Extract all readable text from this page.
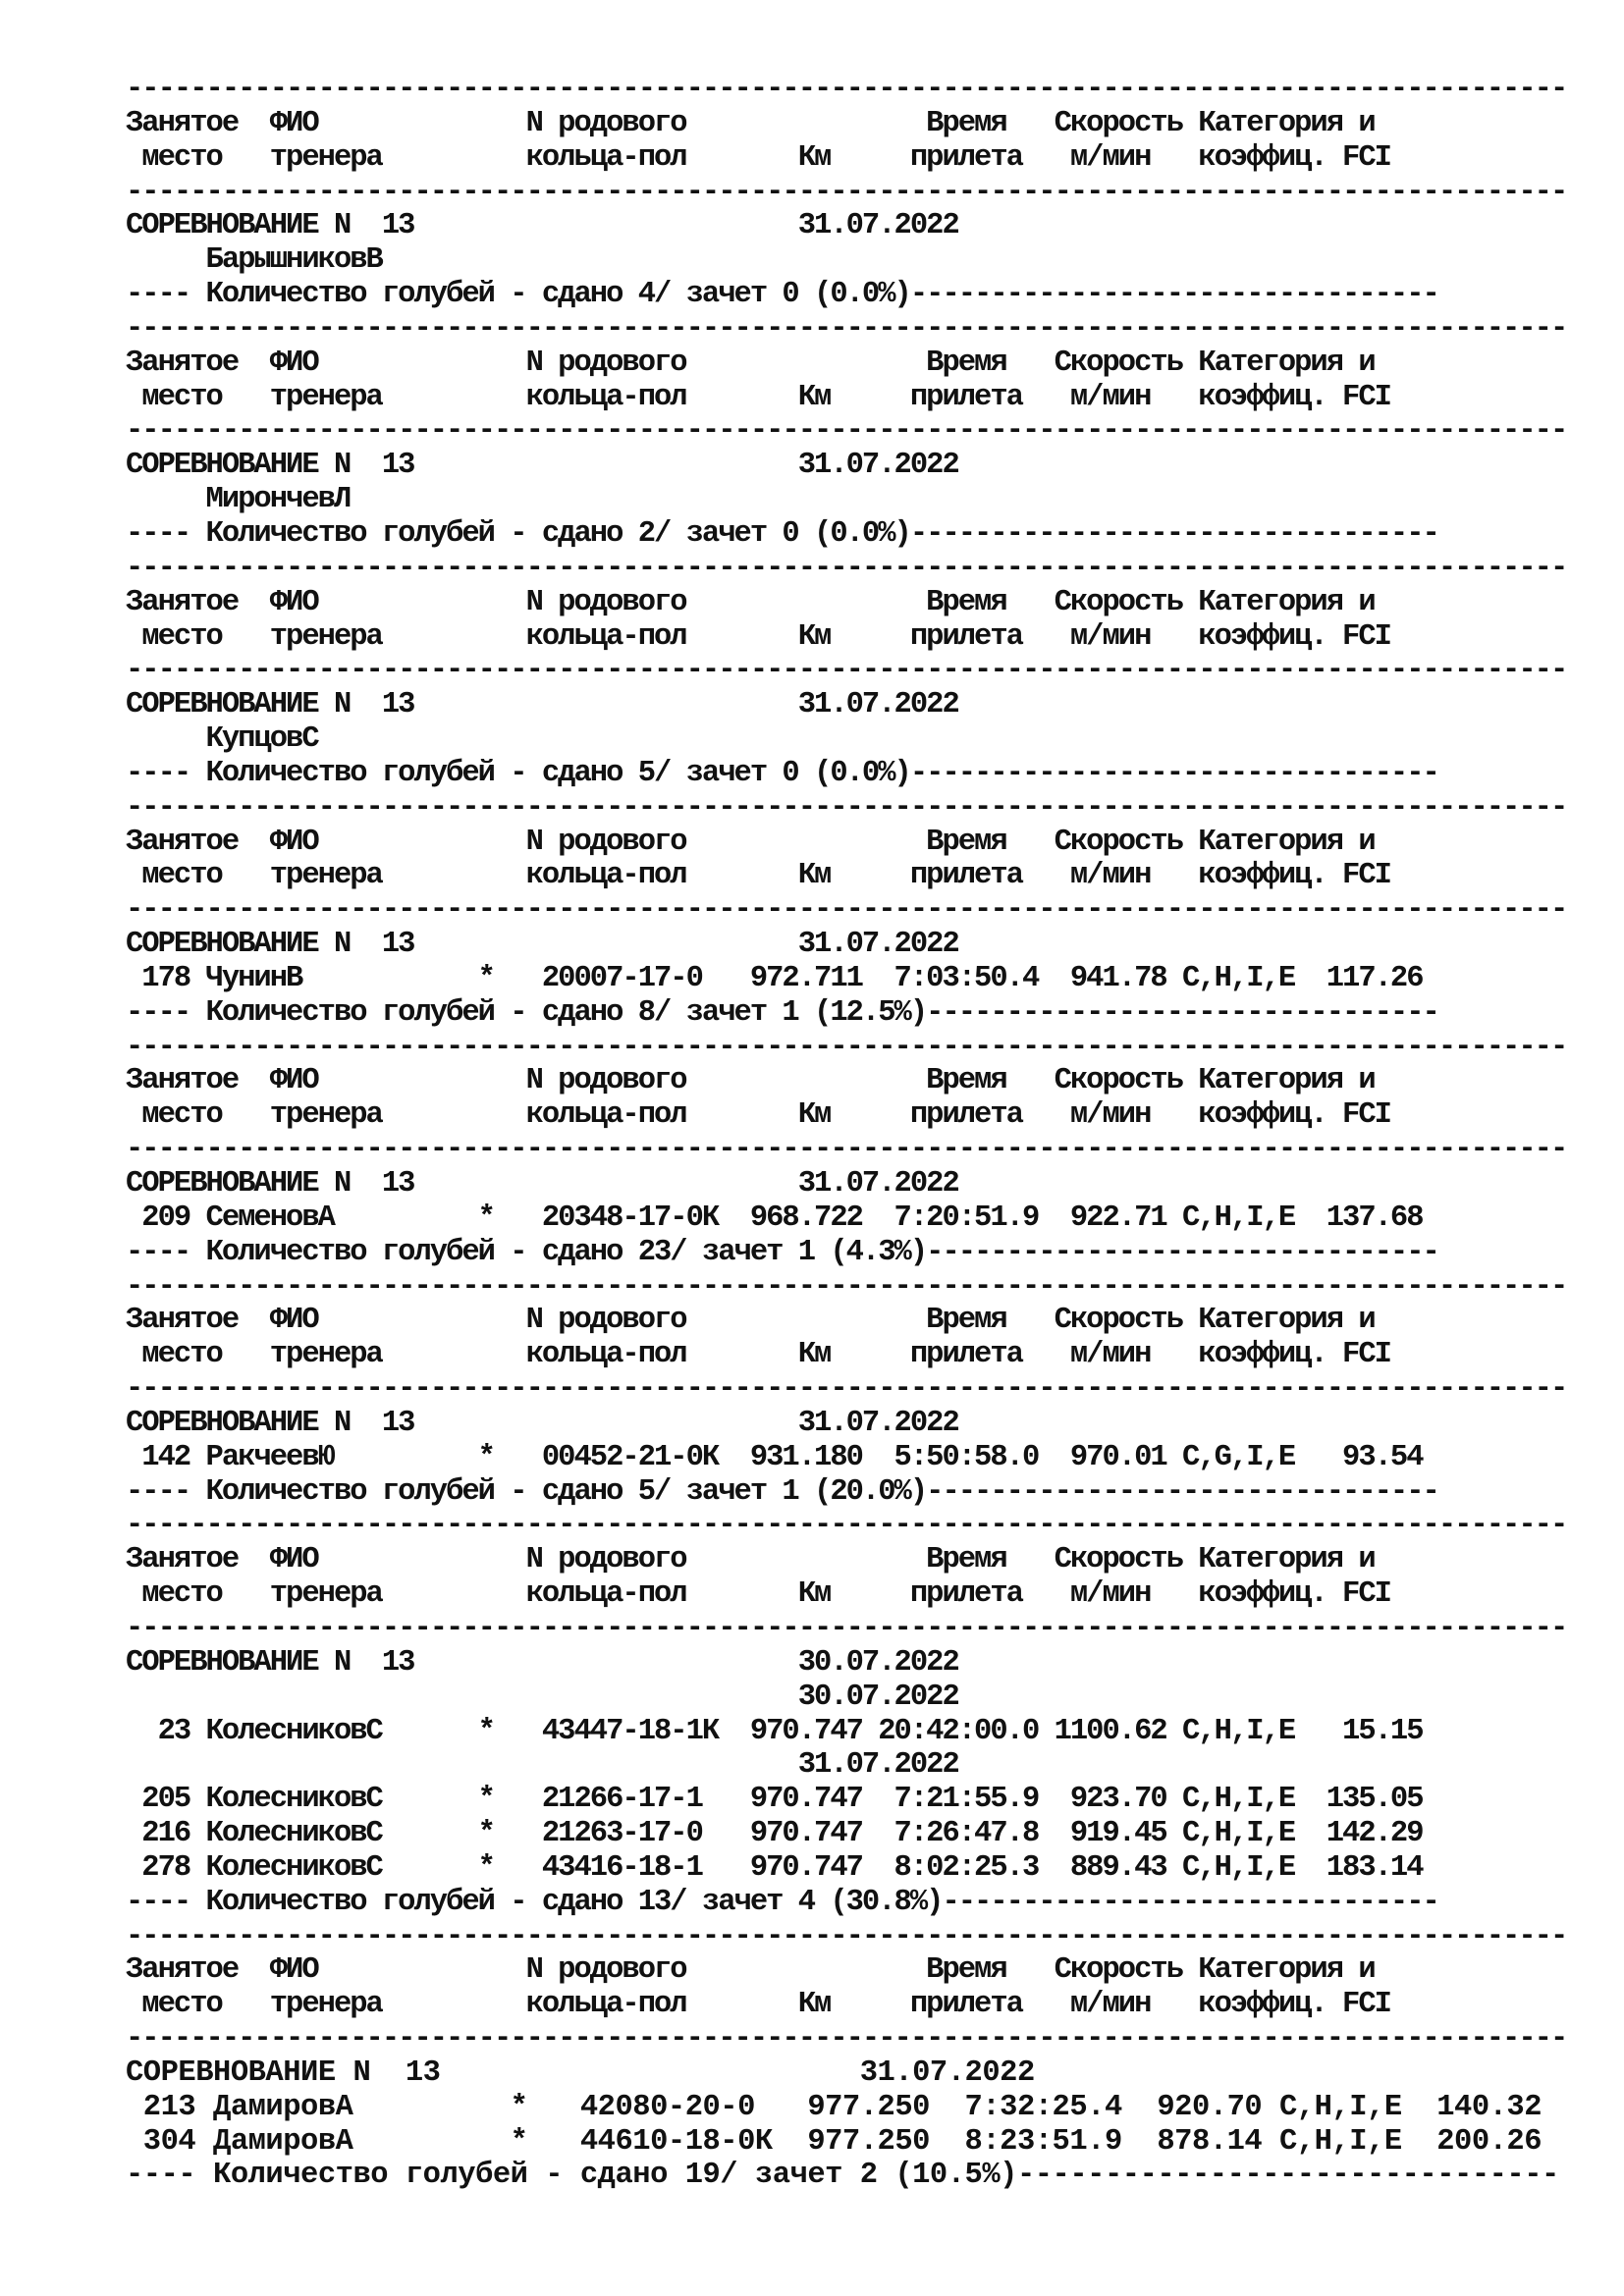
------------------------------------------------------------------------------------------
Занятое  ФИО             N родового               Время   Скорость Категория и
место   тренера         кольца-пол       Км     прилета   м/мин   коэффиц. FCI
------------------------------------------------------------------------------------------
СОРЕВНОВАНИЕ N  13                        31.07.2022
БарышниковВ
---- Количество голубей - сдано 4/ зачет 0 (0.0%)---------------------------------
------------------------------------------------------------------------------------------
Занятое  ФИО             N родового               Время   Скорость Категория и
место   тренера         кольца-пол       Км     прилета   м/мин   коэффиц. FCI
------------------------------------------------------------------------------------------
СОРЕВНОВАНИЕ N  13                        31.07.2022
МирончевЛ
---- Количество голубей - сдано 2/ зачет 0 (0.0%)---------------------------------
------------------------------------------------------------------------------------------
Занятое  ФИО             N родового               Время   Скорость Категория и
место   тренера         кольца-пол       Км     прилета   м/мин   коэффиц. FCI
------------------------------------------------------------------------------------------
СОРЕВНОВАНИЕ N  13                        31.07.2022
КупцовС
---- Количество голубей - сдано 5/ зачет 0 (0.0%)---------------------------------
------------------------------------------------------------------------------------------
Занятое  ФИО             N родового               Время   Скорость Категория и
место   тренера         кольца-пол       Км     прилета   м/мин   коэффиц. FCI
------------------------------------------------------------------------------------------
СОРЕВНОВАНИЕ N  13                        31.07.2022
178 ЧунинВ           *   20007-17-0   972.711  7:03:50.4  941.78 C,H,I,E  117.26
---- Количество голубей - сдано 8/ зачет 1 (12.5%)--------------------------------
------------------------------------------------------------------------------------------
Занятое  ФИО             N родового               Время   Скорость Категория и
место   тренера         кольца-пол       Км     прилета   м/мин   коэффиц. FCI
------------------------------------------------------------------------------------------
СОРЕВНОВАНИЕ N  13                        31.07.2022
209 СеменовА         *   20348-17-0К  968.722  7:20:51.9  922.71 C,H,I,E  137.68
---- Количество голубей - сдано 23/ зачет 1 (4.3%)--------------------------------
------------------------------------------------------------------------------------------
Занятое  ФИО             N родового               Время   Скорость Категория и
место   тренера         кольца-пол       Км     прилета   м/мин   коэффиц. FCI
------------------------------------------------------------------------------------------
СОРЕВНОВАНИЕ N  13                        31.07.2022
142 РакчеевЮ         *   00452-21-0К  931.180  5:50:58.0  970.01 C,G,I,E   93.54
---- Количество голубей - сдано 5/ зачет 1 (20.0%)--------------------------------
------------------------------------------------------------------------------------------
Занятое  ФИО             N родового               Время   Скорость Категория и
место   тренера         кольца-пол       Км     прилета   м/мин   коэффиц. FCI
------------------------------------------------------------------------------------------
СОРЕВНОВАНИЕ N  13                        30.07.2022
30.07.2022
23 КолесниковС      *   43447-18-1К  970.747 20:42:00.0 1100.62 C,H,I,E   15.15
31.07.2022
205 КолесниковС      *   21266-17-1   970.747  7:21:55.9  923.70 C,H,I,E  135.05
216 КолесниковС      *   21263-17-0   970.747  7:26:47.8  919.45 C,H,I,E  142.29
278 КолесниковС      *   43416-18-1   970.747  8:02:25.3  889.43 C,H,I,E  183.14
---- Количество голубей - сдано 13/ зачет 4 (30.8%)-------------------------------
------------------------------------------------------------------------------------------
Занятое  ФИО             N родового               Время   Скорость Категория и
место   тренера         кольца-пол       Км     прилета   м/мин   коэффиц. FCI
------------------------------------------------------------------------------------------
СОРЕВНОВАНИЕ N  13                        31.07.2022
213 ДамировА         *   42080-20-0   977.250  7:32:25.4  920.70 C,H,I,E  140.32
304 ДамировА         *   44610-18-0К  977.250  8:23:51.9  878.14 C,H,I,E  200.26
---- Количество голубей - сдано 19/ зачет 2 (10.5%)-------------------------------
